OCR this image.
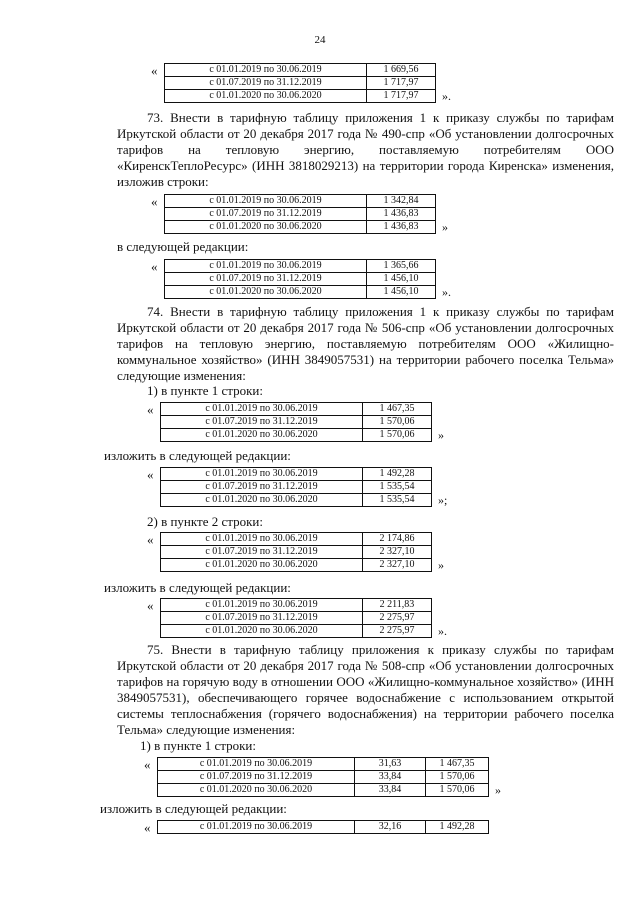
24
«	с 01.01.2019 по 30.06.2019	1 669,56	
с 01.07.2019 по 31.12.2019	1 717,97	
с 01.01.2020 по 30.06.2020	1 717,97	».
73. Внести в тарифную таблицу приложения 1 к приказу службы по тарифам Иркутской области от 20 декабря 2017 года № 490-спр «Об установлении долгосрочных тарифов на тепловую энергию, поставляемую потребителям ООО «КиренскТеплоРесурс» (ИНН 3818029213) на территории города Киренска» изменения, изложив строки:
«	с 01.01.2019 по 30.06.2019	1 342,84	
с 01.07.2019 по 31.12.2019	1 436,83	
с 01.01.2020 по 30.06.2020	1 436,83	»
в следующей редакции:
«	с 01.01.2019 по 30.06.2019	1 365,66	
с 01.07.2019 по 31.12.2019	1 456,10	
с 01.01.2020 по 30.06.2020	1 456,10	».
74. Внести в тарифную таблицу приложения 1 к приказу службы по тарифам Иркутской области от 20 декабря 2017 года № 506-спр «Об установлении долгосрочных тарифов на тепловую энергию, поставляемую потребителям ООО «Жилищно-коммунальное хозяйство» (ИНН 3849057531) на территории рабочего поселка Тельма» следующие изменения:
1) в пункте 1 строки:
«	с 01.01.2019 по 30.06.2019	1 467,35	
с 01.07.2019 по 31.12.2019	1 570,06	
с 01.01.2020 по 30.06.2020	1 570,06	»
изложить в следующей редакции:
«	с 01.01.2019 по 30.06.2019	1 492,28	
с 01.07.2019 по 31.12.2019	1 535,54	
с 01.01.2020 по 30.06.2020	1 535,54	»;
2) в пункте 2 строки:
«	с 01.01.2019 по 30.06.2019	2 174,86	
с 01.07.2019 по 31.12.2019	2 327,10	
с 01.01.2020 по 30.06.2020	2 327,10	»
изложить в следующей редакции:
«	с 01.01.2019 по 30.06.2019	2 211,83	
с 01.07.2019 по 31.12.2019	2 275,97	
с 01.01.2020 по 30.06.2020	2 275,97	».
75. Внести в тарифную таблицу приложения к приказу службы по тарифам Иркутской области от 20 декабря 2017 года № 508-спр «Об установлении долгосрочных тарифов на горячую воду в отношении ООО «Жилищно-коммунальное хозяйство» (ИНН 3849057531), обеспечивающего горячее водоснабжение с использованием открытой системы теплоснабжения (горячего водоснабжения) на территории рабочего поселка Тельма» следующие изменения:
1) в пункте 1 строки:
«	с 01.01.2019 по 30.06.2019	31,63	1 467,35	
с 01.07.2019 по 31.12.2019	33,84	1 570,06	
с 01.01.2020 по 30.06.2020	33,84	1 570,06	»
изложить в следующей редакции:
«	с 01.01.2019 по 30.06.2019	32,16	1 492,28
